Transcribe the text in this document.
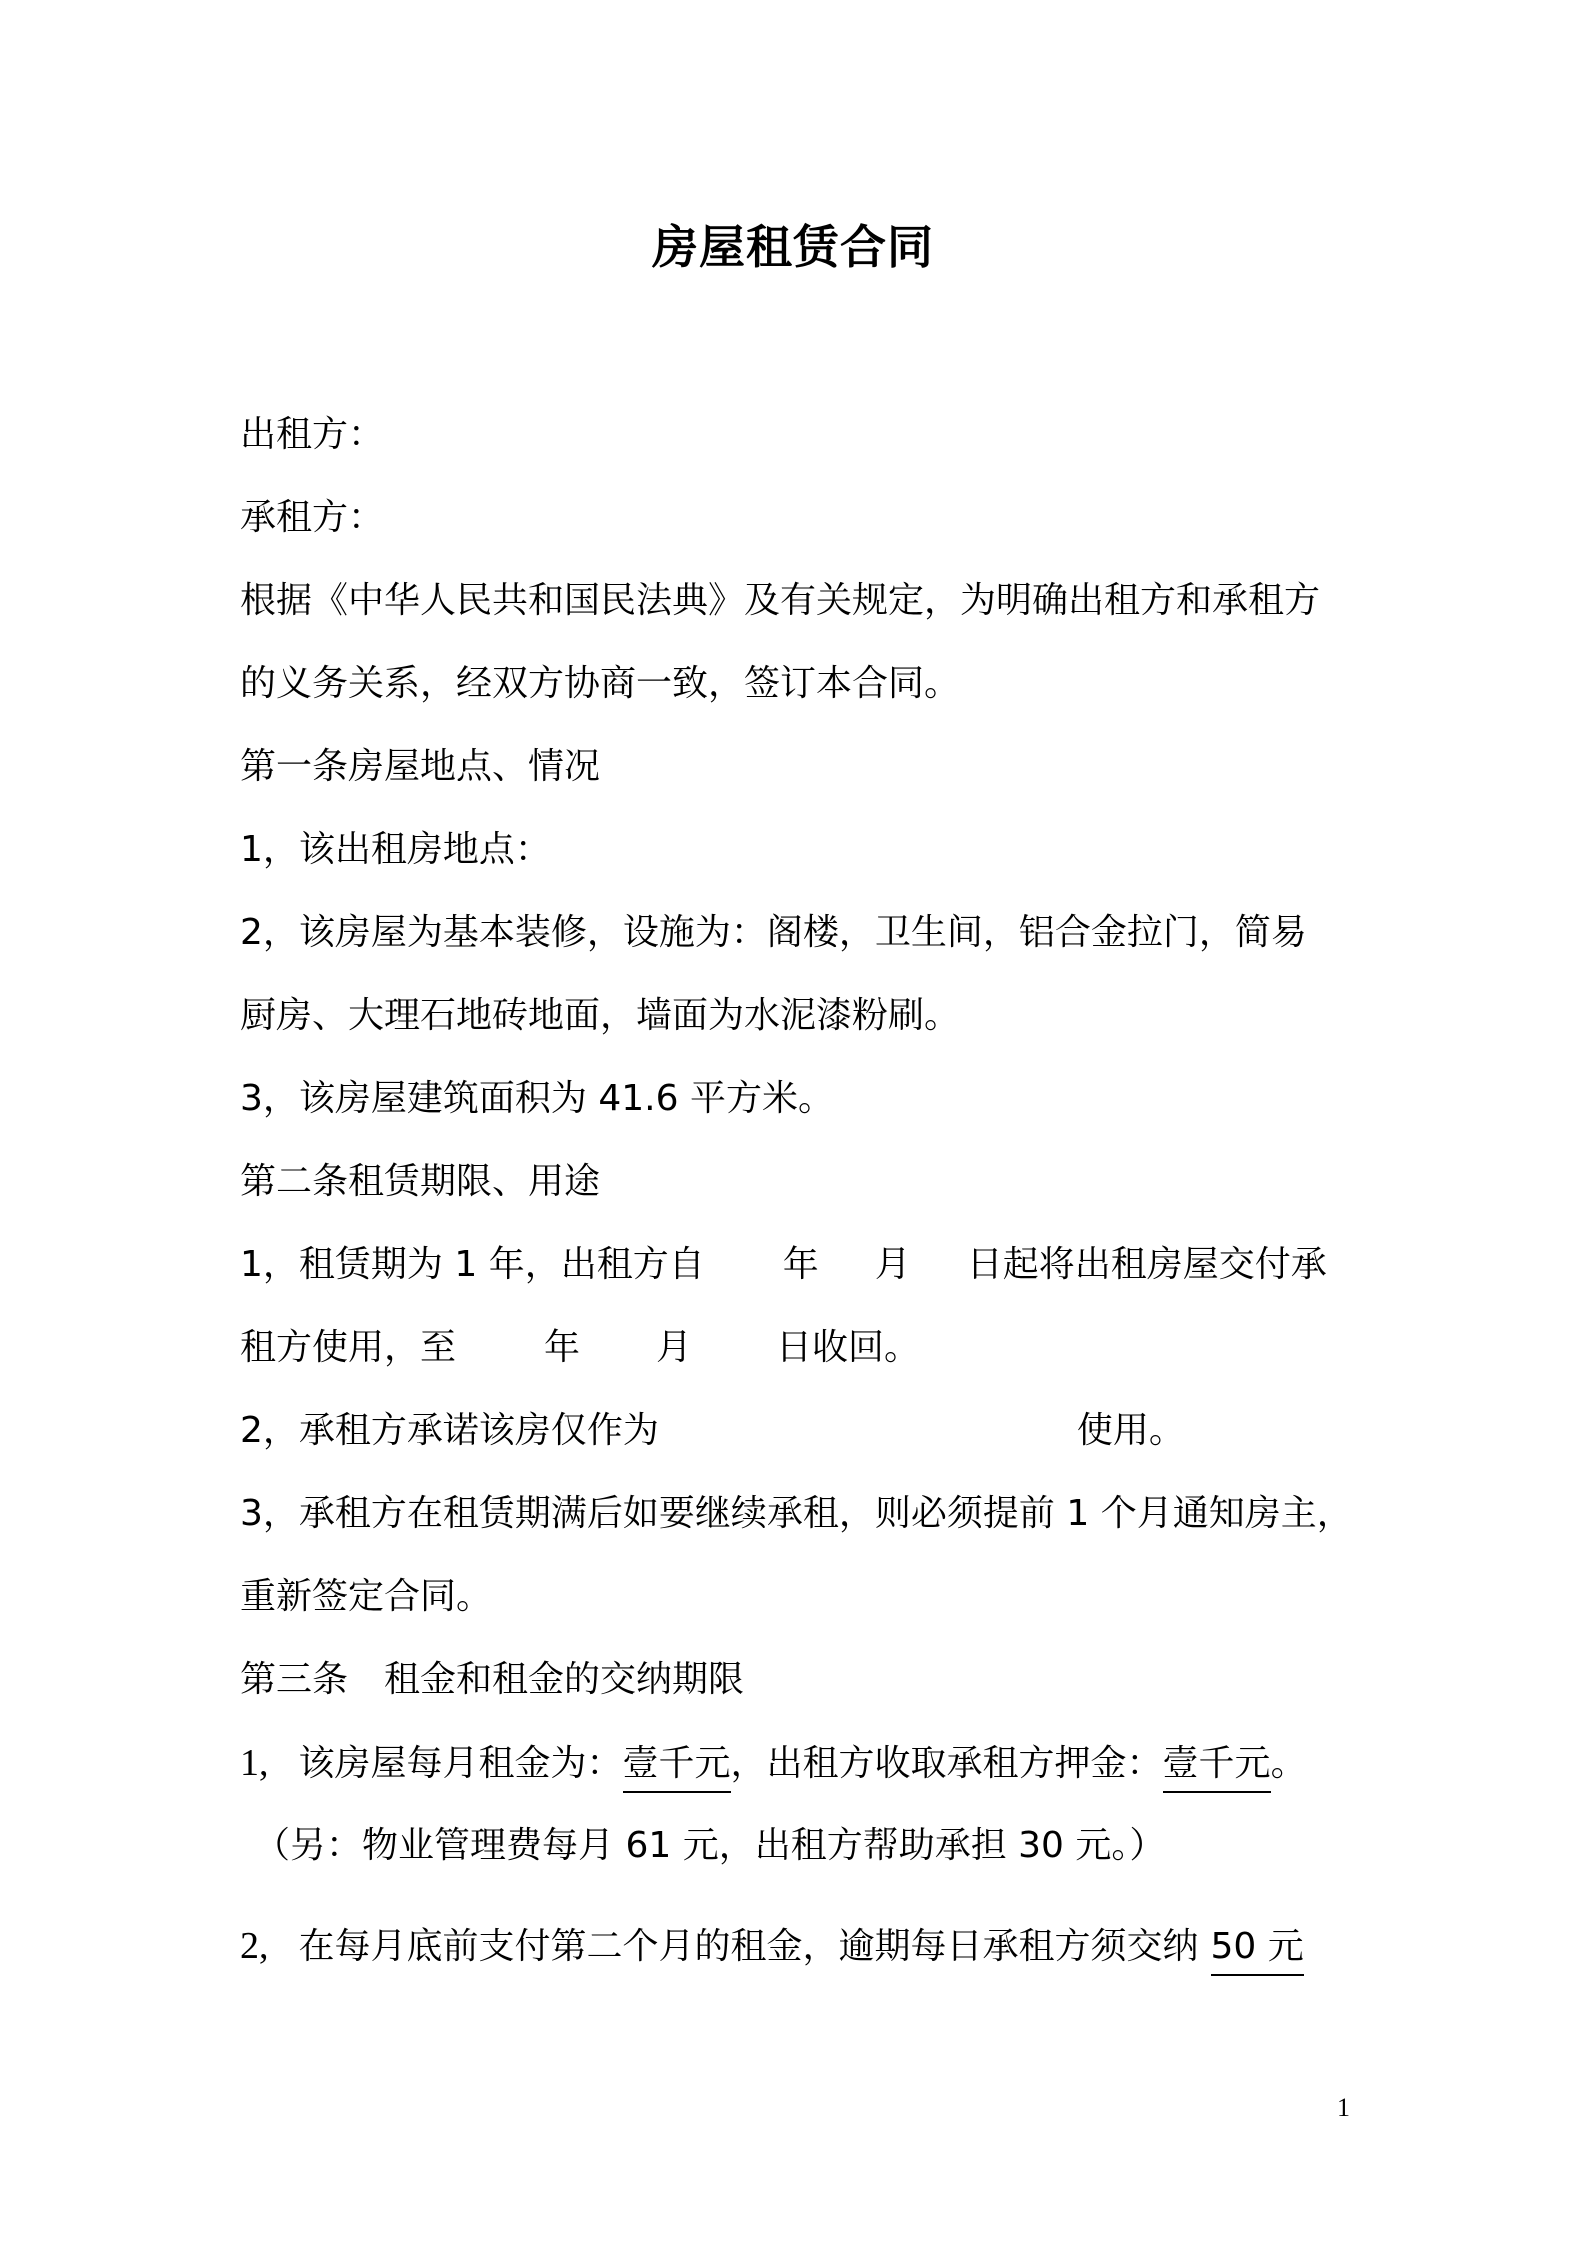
房屋租赁合同
出租方：
承租方：
根据《中华人民共和国民法典》及有关规定，为明确出租方和承租方
的义务关系，经双方协商一致，签订本合同。
第一条房屋地点、情况
1，该出租房地点：
2，该房屋为基本装修，设施为：阁楼，卫生间，铝合金拉门，简易
厨房、大理石地砖地面，墙面为水泥漆粉刷。
3，该房屋建筑面积为 41.6 平方米。
第二条租赁期限、用途
1，租赁期为 1 年，出租方自 年 月 日起将出租房屋交付承
租方使用，至 年 月 日收回。
2，承租方承诺该房仅作为	使用。
3，承租方在租赁期满后如要继续承租，则必须提前 1 个月通知房主，
重新签定合同。
第三条　租金和租金的交纳期限
1, 该房屋每月租金为：壹千元，出租方收取承租方押金：壹千元。
（另：物业管理费每月 61 元，出租方帮助承担 30 元。）
2, 在每月底前支付第二个月的租金，逾期每日承租方须交纳 50 元
1
